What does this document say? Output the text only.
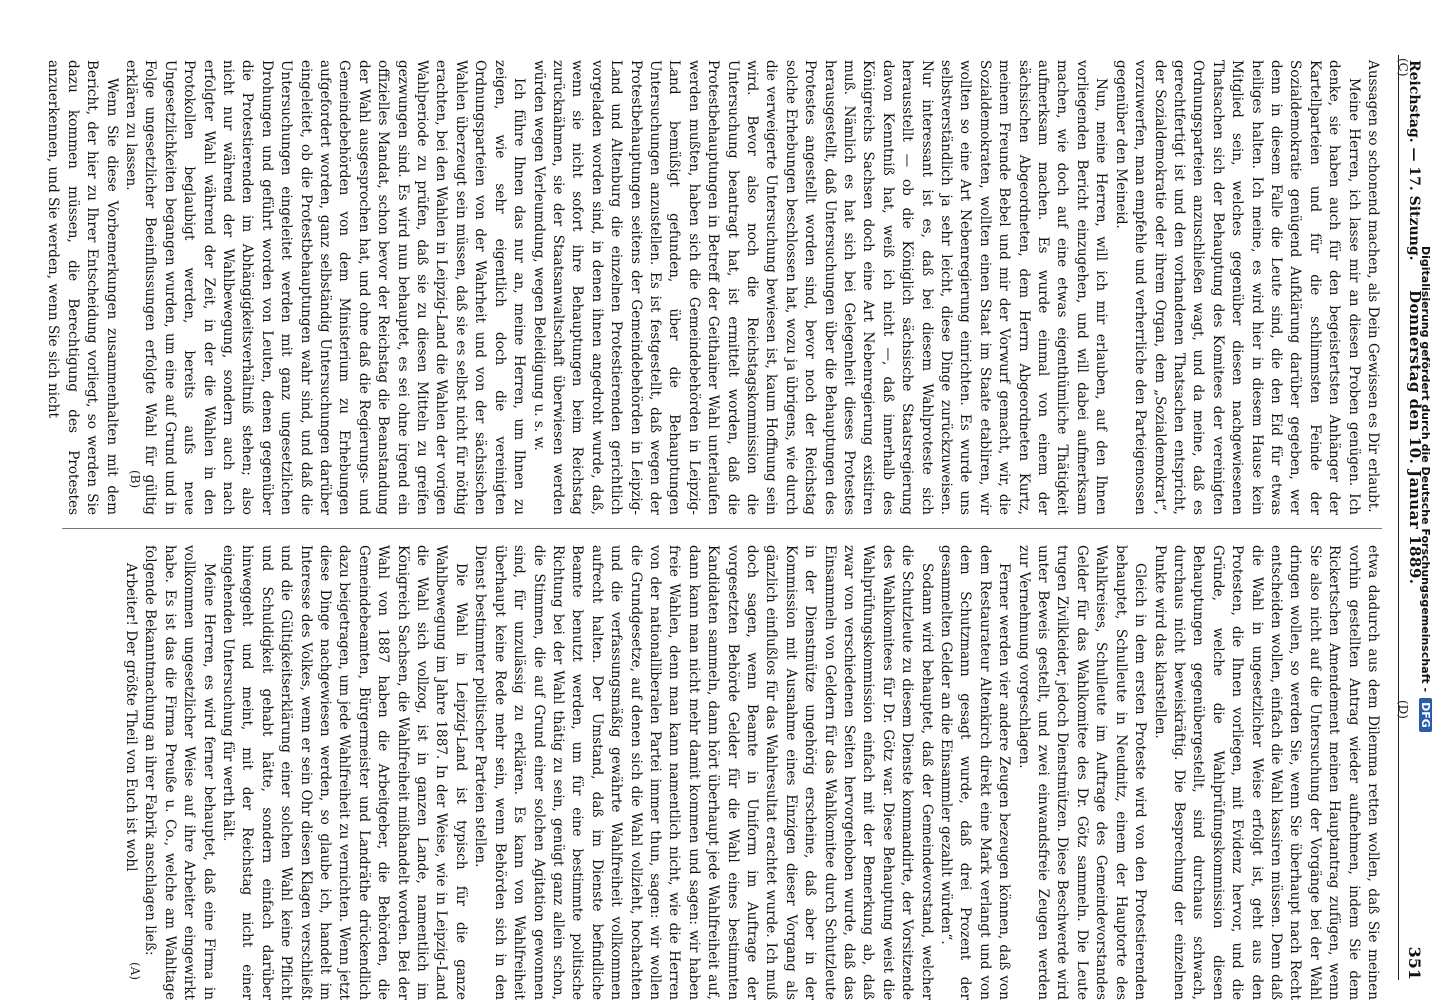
Reichstag. — 17. Sitzung.
Donnerstag den 10. Januar 1889.
351

Aussagen so schonend machen, als Dein Gewissen es Dir erlaubt.

Meine Herren, ich lasse mir an diesen Proben genügen. Ich denke, sie haben auch für den begeistertsten Anhänger der Kartellparteien und für die schlimmsten Feinde der Sozialdemokratie genügend Aufklärung darüber gegeben, wer denn in diesem Falle die Leute sind, die den Eid für etwas heiliges halten. Ich meine, es wird hier in diesem Hause kein Mitglied sein, welches gegenüber diesen nachgewiesenen Thatsachen sich der Behauptung des Komitees der vereinigten Ordnungsparteien anzuschließen wagt, und da meine, daß es gerechtfertigt ist und den vorhandenen Thatsachen entspricht, der Sozialdemokratie oder ihrem Organ, dem „Sozialdemokrat“, vorzuwerfen, man empfehle und verherrliche den Parteigenossen gegenüber den Meineid.

Nun, meine Herren, will ich mir erlauben, auf den Ihnen vorliegenden Bericht einzugehen, und will dabei aufmerksam machen, wie doch auf eine etwas eigenthümliche Thätigkeit aufmerksam machen. Es wurde einmal von einem der sächsischen Abgeordneten, dem Herrn Abgeordneten Kurtz, meinem Freunde Bebel und mir der Vorwurf gemacht, wir, die Sozialdemokraten, wollten einen Staat im Staate etabliren, wir wollten so eine Art Nebenregierung einrichten. Es wurde uns selbstverständlich ja sehr leicht, diese Dinge zurückzuweisen. Nur interessant ist es, daß bei diesem Wahlproteste sich herausstellt — ob die Königlich sächsische Staatsregierung davon Kenntniß hat, weiß ich nicht —, daß innerhalb des Königreichs Sachsen doch eine Art Nebenregierung existiren muß. Nämlich es hat sich bei Gelegenheit dieses Protestes herausgestellt, daß Untersuchungen über die Behauptungen des Protestes angestellt worden sind, bevor noch der Reichstag solche Erhebungen beschlossen hat, wozu ja übrigens, wie durch die verweigerte Untersuchung bewiesen ist, kaum Hoffnung sein wird. Bevor also noch die Reichstagskommission die Untersuchung beantragt hat, ist ermittelt worden, daß die Protestbehauptungen in Betreff der Geithainer Wahl unterlaufen werden mußten, haben sich die Gemeindebehörden in Leipzig-Land bemüßigt gefunden, über die Behauptungen Untersuchungen anzustellen. Es ist festgestellt, daß wegen der Protestbehauptungen seitens der Gemeindebehörden in Leipzig-Land und Altenburg die einzelnen Protestierenden gerichtlich vorgeladen worden sind, in denen ihnen angedroht wurde, daß, wenn sie nicht sofort ihre Behauptungen beim Reichstag zurücknähmen, sie der Staatsanwaltschaft überwiesen werden würden wegen Verleumdung, wegen Beleidigung u. s. w.

Ich führe Ihnen das nur an, meine Herren, um Ihnen zu zeigen, wie sehr eigentlich doch die vereinigten Ordnungsparteien von der Wahrheit und von der sächsischen Wahlen überzeugt sein müssen, daß sie es selbst nicht für nöthig erachten, bei den Wahlen in Leipzig-Land die Wahlen der vorigen Wahlperiode zu prüfen, daß sie zu diesen Mitteln zu greifen gezwungen sind. Es wird nun behauptet, es sei ohne irgend ein offizielles Mandat, schon bevor der Reichstag die Beanstandung der Wahl ausgesprochen hat, und ohne daß die Regierungs- und Gemeindebehörden von dem Ministerium zu Erhebungen aufgefordert worden, ganz selbständig Untersuchungen darüber eingeleitet, ob die Protestbehauptungen wahr sind, und daß die Untersuchungen eingeleitet werden mit ganz ungesetzlichen Drohungen und geführt worden von Leuten, denen gegenüber die Protestierenden im Abhängigkeitsverhältniß stehen; also nicht nur während der Wahlbewegung, sondern auch nach erfolgter Wahl während der Zeit, in der die Wahlen in den Protokollen beglaubigt werden, bereits aufs neue Ungesetzlichkeiten begangen wurden, um eine auf Grund und in Folge ungesetzlicher Beeinflussungen erfolgte Wahl für gültig erklären zu lassen.

Wenn Sie diese Vorbemerkungen zusammenhalten mit dem Bericht, der hier zu Ihrer Entscheidung vorliegt, so werden Sie dazu kommen müssen, die Berechtigung des Protestes anzuerkennen, und Sie werden, wenn Sie sich nicht

etwa dadurch aus dem Dilemma retten wollen, daß Sie meinen vorhin gestellten Antrag wieder aufnehmen, indem Sie dem Rickertschen Amendement meinen Hauptantrag zufügen, wenn Sie also nicht auf die Untersuchung der Vorgänge bei der Wahl dringen wollen, so werden Sie, wenn Sie überhaupt nach Recht entscheiden wollen, einfach die Wahl kassiren müssen. Denn daß die Wahl in ungesetzlicher Weise erfolgt ist, geht aus den Protesten, die Ihnen vorliegen, mit Evidenz hervor, und die Gründe, welche die Wahlprüfungskommission diesen Behauptungen gegenübergestellt, sind durchaus schwach, durchaus nicht beweiskräftig. Die Besprechung der einzelnen Punkte wird das klarstellen.

Gleich in dem ersten Proteste wird von den Protestierenden behauptet, Schulleute in Neudnitz, einem der Hauptorte des Wahlkreises, Schulleute im Auftrage des Gemeindevorstandes Gelder für das Wahlkomitee des Dr. Götz sammeln. Die Leute trugen Zivilkleider, jedoch Dienstmützen. Diese Beschwerde wird unter Beweis gestellt, und zwei einwandsfreie Zeugen werden zur Vernehmung vorgeschlagen.

Ferner werden vier andere Zeugen bezeugen können, daß von dem Restaurateur Altenkirch direkt eine Mark verlangt und von dem Schutzmann gesagt wurde, daß drei Prozent der gesammelten Gelder an die Einsammler gezahlt würden“.

Sodann wird behauptet, daß der Gemeindevorstand, welcher die Schutzleute zu diesem Dienste kommandirte, der Vorsitzende des Wahlkomitees für Dr. Götz war. Diese Behauptung weist die Wahlprüfungskommission einfach mit der Bemerkung ab, daß zwar von verschiedenen Seiten hervorgehoben wurde, daß das Einsammeln von Geldern für das Wahlkomitee durch Schutzleute in der Dienstmütze ungehörig erscheine, daß aber in der Kommission mit Ausnahme eines Einzigen dieser Vorgang als gänzlich einflußlos für das Wahlresultat erachtet wurde. Ich muß doch sagen, wenn Beamte in Uniform im Auftrage der vorgesetzten Behörde Gelder für die Wahl eines bestimmten Kandidaten sammeln, dann hört überhaupt jede Wahlfreiheit auf, dann kann man nicht mehr damit kommen und sagen: wir haben freie Wahlen, denn man kann namentlich nicht, wie die Herren von der nationalliberalen Partei immer thun, sagen: wir wollen die Grundgesetze, auf denen sich die Wahl vollzieht, hochachten und die verfassungsmäßig gewährte Wahlfreiheit vollkommen aufrecht halten. Der Umstand, daß im Dienste befindliche Beamte benutzt werden, um für eine bestimmte politische Richtung bei der Wahl thätig zu sein, genügt ganz allein schon, die Stimmen, die auf Grund einer solchen Agitation gewonnen sind, für unzulässig zu erklären. Es kann von Wahlfreiheit überhaupt keine Rede mehr sein, wenn Behörden sich in den Dienst bestimmter politischer Parteien stellen.

Die Wahl in Leipzig-Land ist typisch für die ganze Wahlbewegung im Jahre 1887. In der Weise, wie in Leipzig-Land die Wahl sich vollzog, ist in ganzen Lande, namentlich im Königreich Sachsen, die Wahlfreiheit mißhandelt worden. Bei der Wahl von 1887 haben die Arbeitgeber, die Behörden, die Gemeindebeamten, Bürgermeister und Landräthe drückendlich dazu beigetragen, um jede Wahlfreiheit zu vernichten. Wenn jetzt diese Dinge nachgewiesen werden, so glaube ich, handelt im Interesse des Volkes, wenn er sein Ohr diesen Klagen verschließt und die Gültigkeitserklärung einer solchen Wahl keine Pflicht und Schuldigkeit gehabt hätte, sondern einfach darüber hinweggeht und meint, mit der Reichstag nicht einer eingehenden Untersuchung für werth hält.

Meine Herren, es wird ferner behauptet, daß eine Firma in vollkommen ungesetzlicher Weise auf ihre Arbeiter eingewirkt habe. Es ist das die Firma Preuße u. Co., welche am Wahltage folgende Bekanntmachung an ihrer Fabrik anschlagen ließ:

Arbeiter! Der größte Theil von Euch ist wohl

(C)
(D)
(A)
(B)	Digitalisierung gefördert durch die Deutsche Forschungsgemeinschaft -DFG
